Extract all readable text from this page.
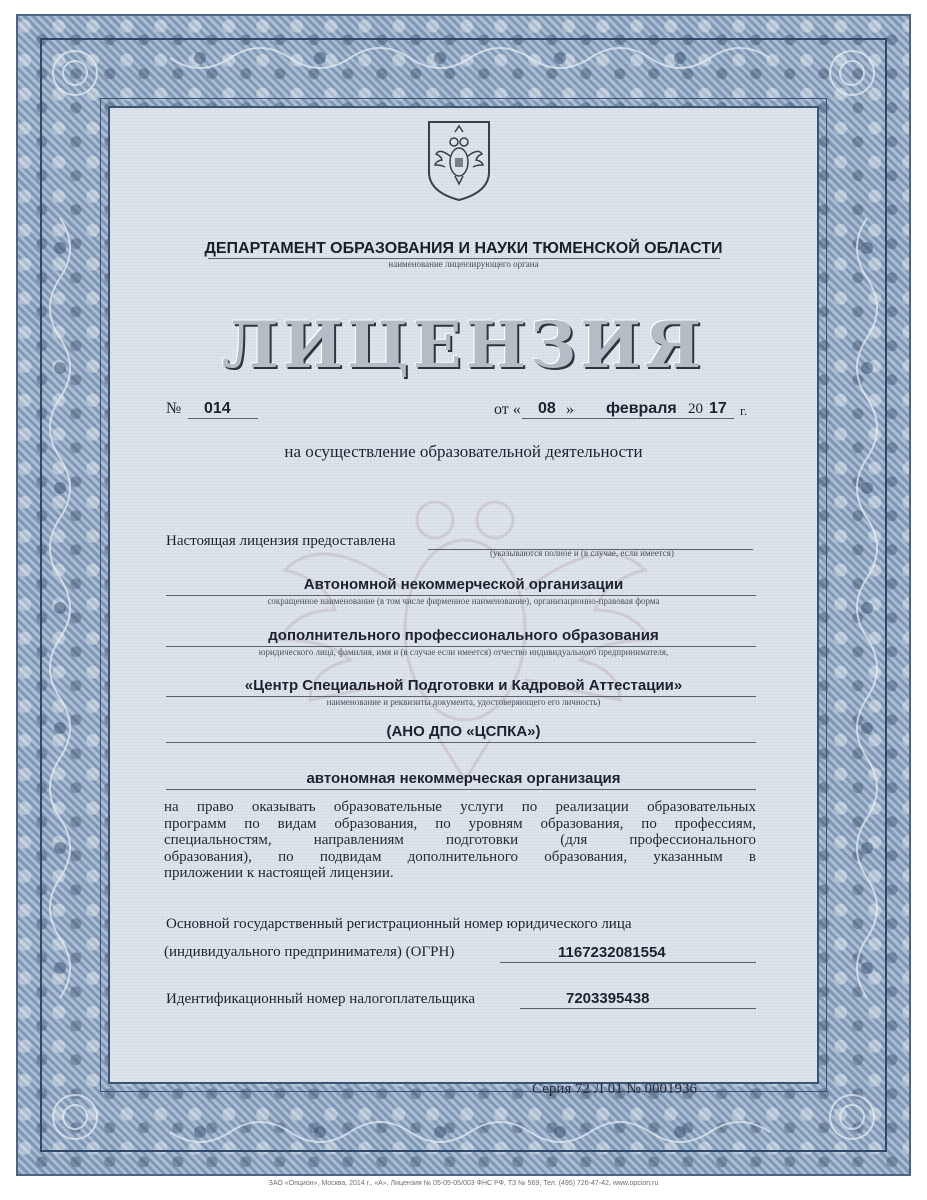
ДЕПАРТАМЕНТ ОБРАЗОВАНИЯ И НАУКИ ТЮМЕНСКОЙ ОБЛАСТИ
наименование лицензирующего органа
ЛИЦЕНЗИЯ
№ 014	от « 08 » февраля 20 17 г.
на осуществление образовательной деятельности
Настоящая лицензия предоставлена
(указываются полное и (в случае, если имеется)
Автономной некоммерческой организации
сокращенное наименование (в том числе фирменное наименование), организационно-правовая форма
дополнительного профессионального образования
юридического лица, фамилия, имя и (в случае если имеется) отчество индивидуального предпринимателя,
«Центр Специальной Подготовки и Кадровой Аттестации»
наименование и реквизиты документа, удостоверяющего его личность)
(АНО ДПО «ЦСПКА»)
автономная некоммерческая организация
на право оказывать образовательные услуги по реализации образовательных
программ по видам образования, по уровням образования, по профессиям,
специальностям, направлениям подготовки (для профессионального
образования), по подвидам дополнительного образования, указанным в
приложении к настоящей лицензии.
Основной государственный регистрационный номер юридического лица
(индивидуального предпринимателя) (ОГРН)	1167232081554
Идентификационный номер налогоплательщика	7203395438
Серия 72 Л 01 № 0001936
ЗАО «Опцион», Москва, 2014 г., «А», Лицензия № 05-05-05/003 ФНС РФ, ТЗ № 569, Тел. (495) 726-47-42, www.opcion.ru
